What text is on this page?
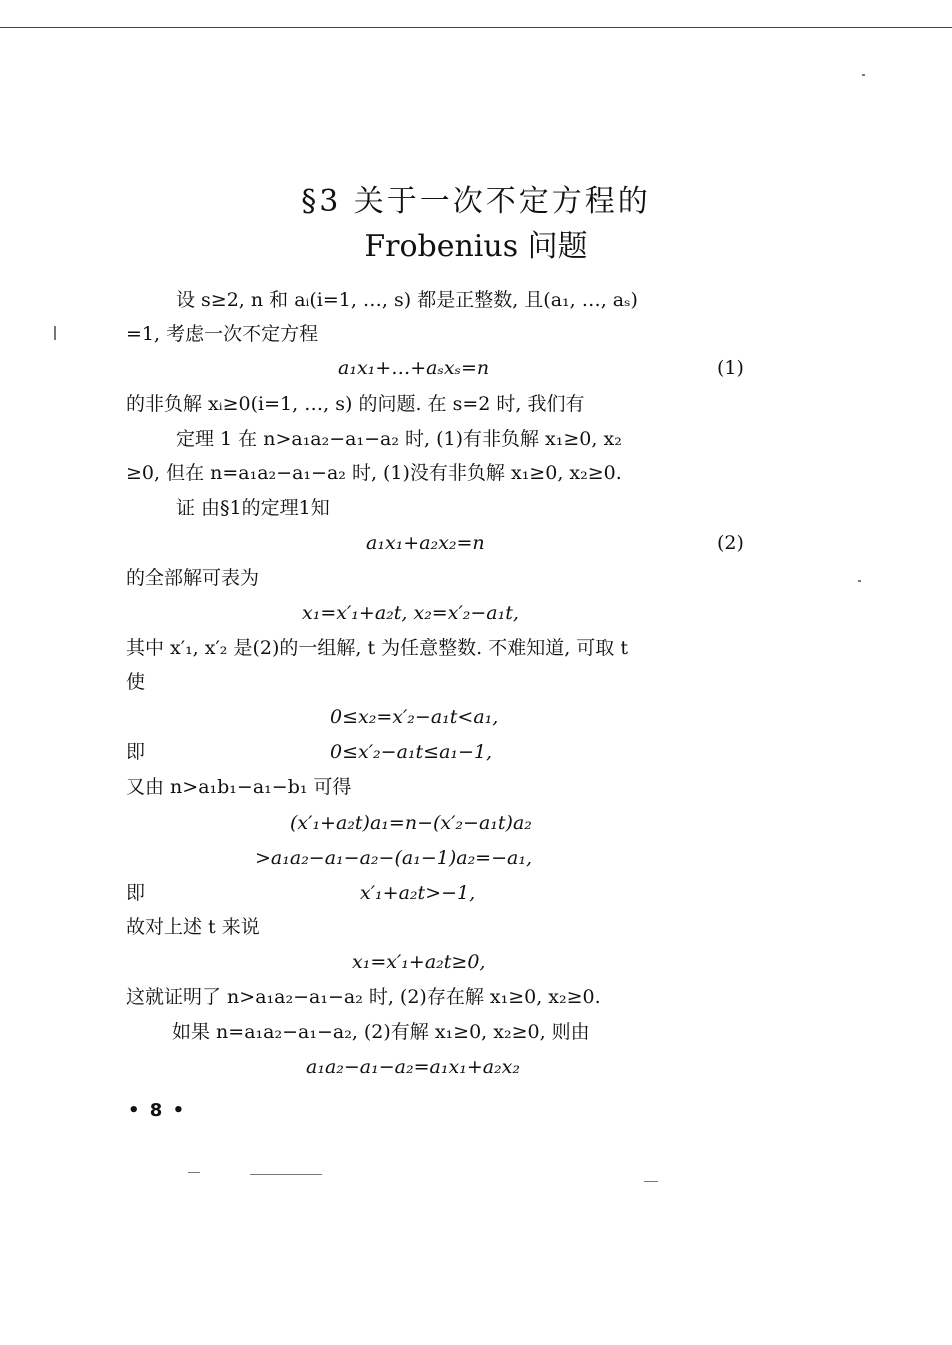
§3 关于一次不定方程的
Frobenius 问题
设 s≥2, n 和 aᵢ(i=1, …, s) 都是正整数, 且(a₁, …, aₛ)
=1, 考虑一次不定方程
a₁x₁+…+aₛxₛ=n	(1)
的非负解 xᵢ≥0(i=1, …, s) 的问题. 在 s=2 时, 我们有
定理 1 在 n>a₁a₂−a₁−a₂ 时, (1)有非负解 x₁≥0, x₂
≥0, 但在 n=a₁a₂−a₁−a₂ 时, (1)没有非负解 x₁≥0, x₂≥0.
证 由§1的定理1知
a₁x₁+a₂x₂=n	(2)
的全部解可表为
x₁=x′₁+a₂t, x₂=x′₂−a₁t,
其中 x′₁, x′₂ 是(2)的一组解, t 为任意整数. 不难知道, 可取 t
使
0≤x₂=x′₂−a₁t<a₁,
即	0≤x′₂−a₁t≤a₁−1,
又由 n>a₁b₁−a₁−b₁ 可得
(x′₁+a₂t)a₁=n−(x′₂−a₁t)a₂
>a₁a₂−a₁−a₂−(a₁−1)a₂=−a₁,
即	x′₁+a₂t>−1,
故对上述 t 来说
x₁=x′₁+a₂t≥0,
这就证明了 n>a₁a₂−a₁−a₂ 时, (2)存在解 x₁≥0, x₂≥0.
如果 n=a₁a₂−a₁−a₂, (2)有解 x₁≥0, x₂≥0, 则由
a₁a₂−a₁−a₂=a₁x₁+a₂x₂
• 8 •
